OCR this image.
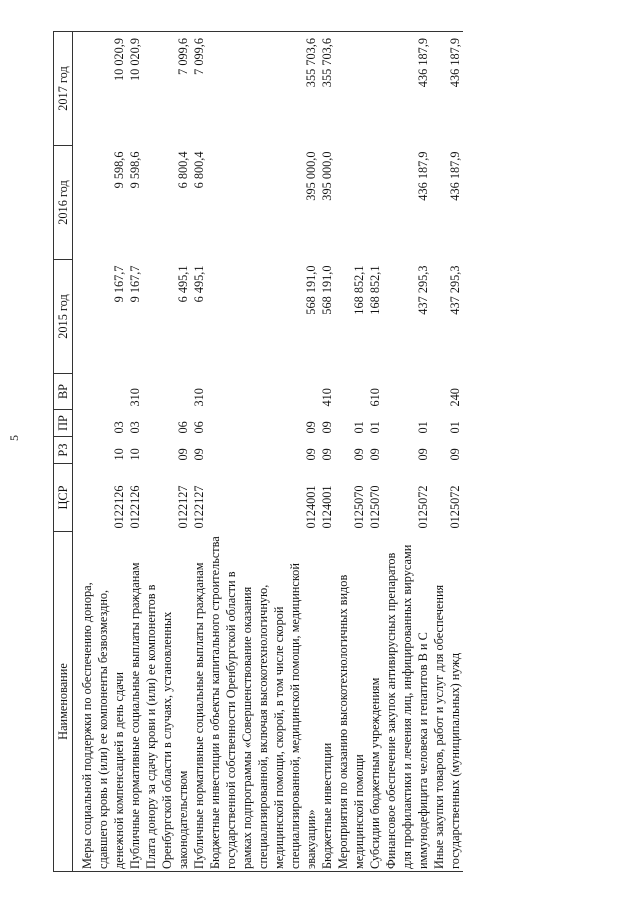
5
Наименование	ЦСР	РЗ	ПР	ВР	2015 год	2016 год	2017 год

Меры социальной поддержки по обеспечению донора, сдавшего кровь и (или) ее компоненты безвозмездно, денежной компенсацией в день сдачи	0122126	10	03		9 167,7	9 598,6	10 020,9
Публичные нормативные социальные выплаты гражданам	0122126	10	03	310	9 167,7	9 598,6	10 020,9
Плата донору за сдачу крови и (или) ее компонентов в Оренбургской области в случаях, установленных законодательством	0122127	09	06		6 495,1	6 800,4	7 099,6
Публичные нормативные социальные выплаты гражданам	0122127	09	06	310	6 495,1	6 800,4	7 099,6
Бюджетные инвестиции в объекты капитального строительства государственной собственности Оренбургской области в рамках подпрограммы «Совершенствование оказания специализированной, включая высокотехнологичную, медицинской помощи, скорой, в том числе скорой специализированной, медицинской помощи, медицинской эвакуации»	0124001	09	09		568 191,0	395 000,0	355 703,6
Бюджетные инвестиции	0124001	09	09	410	568 191,0	395 000,0	355 703,6
Мероприятия по оказанию высокотехнологичных видов медицинской помощи	0125070	09	01		168 852,1		
Субсидии бюджетным учреждениям	0125070	09	01	610	168 852,1		
Финансовое обеспечение закупок антивирусных препаратов для профилактики и лечения лиц, инфицированных вирусами иммунодефицита человека и гепатитов В и С	0125072	09	01		437 295,3	436 187,9	436 187,9
Иные закупки товаров, работ и услуг для обеспечения государственных (муниципальных) нужд	0125072	09	01	240	437 295,3	436 187,9	436 187,9
